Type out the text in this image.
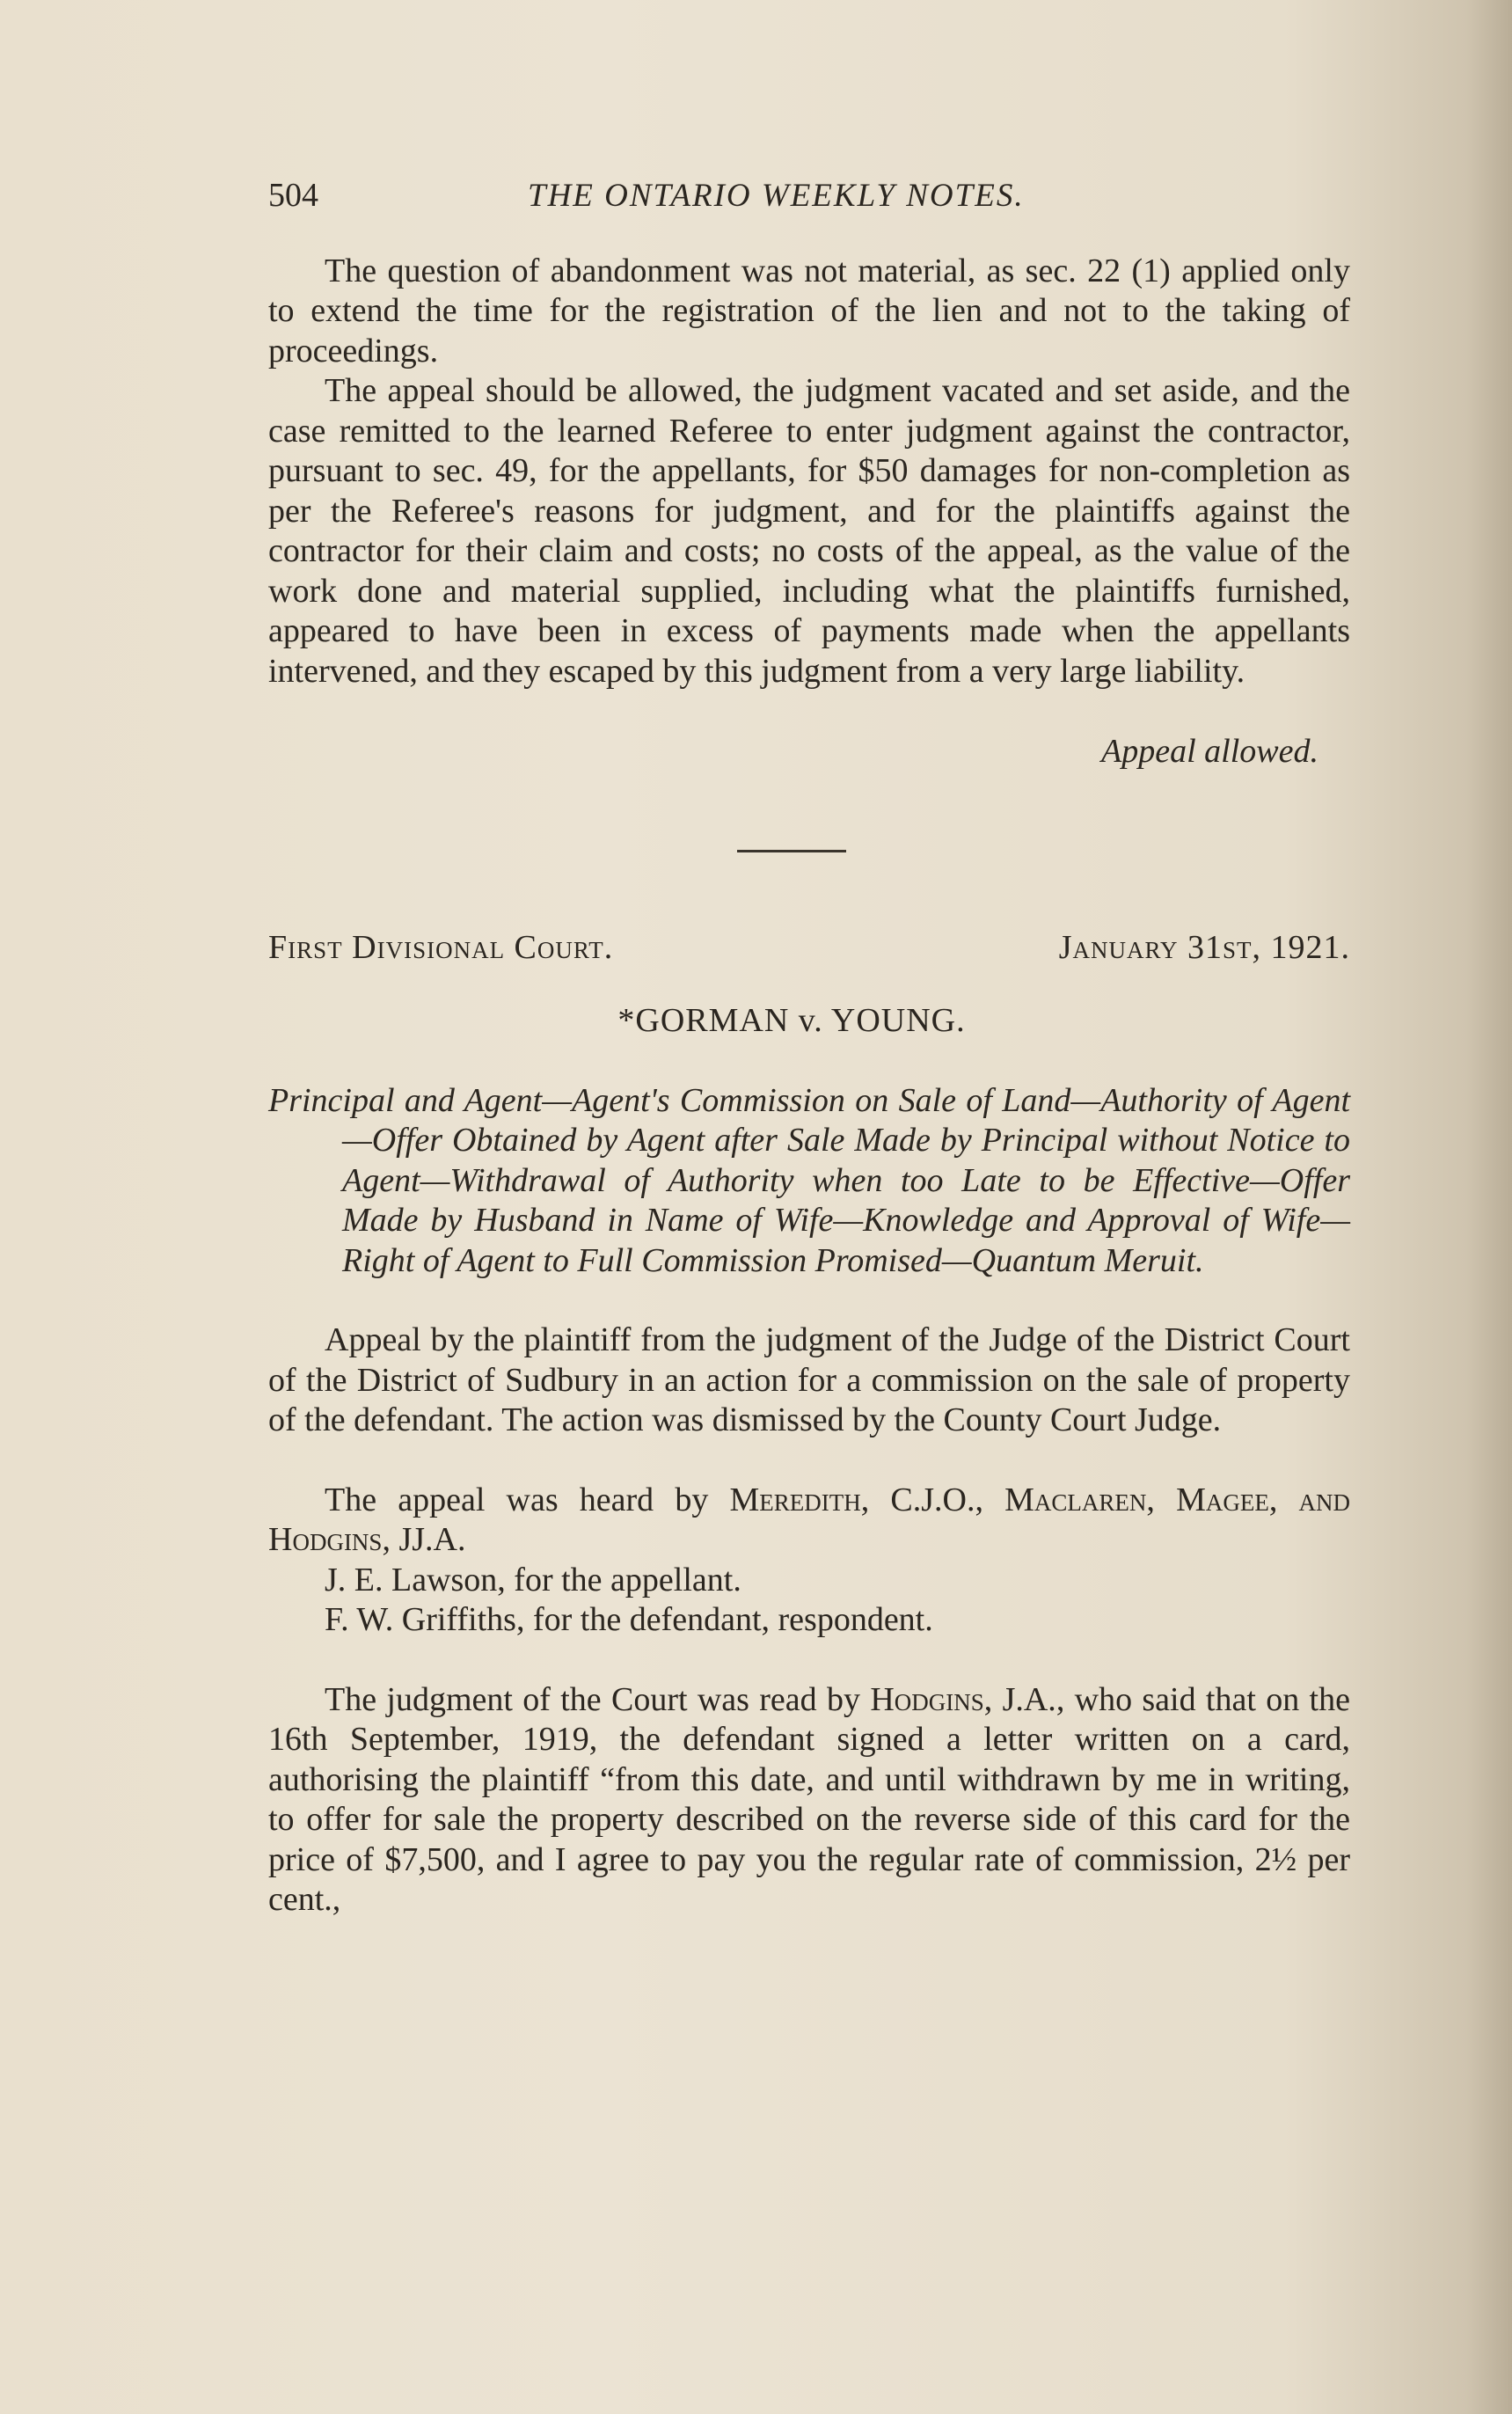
504	THE ONTARIO WEEKLY NOTES.

The question of abandonment was not material, as sec. 22 (1) applied only to extend the time for the registration of the lien and not to the taking of proceedings.

The appeal should be allowed, the judgment vacated and set aside, and the case remitted to the learned Referee to enter judgment against the contractor, pursuant to sec. 49, for the appellants, for $50 damages for non-completion as per the Referee's reasons for judgment, and for the plaintiffs against the contractor for their claim and costs; no costs of the appeal, as the value of the work done and material supplied, including what the plaintiffs furnished, appeared to have been in excess of payments made when the appellants intervened, and they escaped by this judgment from a very large liability.

Appeal allowed.

First Divisional Court.	January 31st, 1921.
*GORMAN v. YOUNG.

Principal and Agent—Agent's Commission on Sale of Land—Authority of Agent—Offer Obtained by Agent after Sale Made by Principal without Notice to Agent—Withdrawal of Authority when too Late to be Effective—Offer Made by Husband in Name of Wife—Knowledge and Approval of Wife—Right of Agent to Full Commission Promised—Quantum Meruit.

Appeal by the plaintiff from the judgment of the Judge of the District Court of the District of Sudbury in an action for a commission on the sale of property of the defendant. The action was dismissed by the County Court Judge.

The appeal was heard by Meredith, C.J.O., Maclaren, Magee, and Hodgins, JJ.A.

J. E. Lawson, for the appellant.

F. W. Griffiths, for the defendant, respondent.

The judgment of the Court was read by Hodgins, J.A., who said that on the 16th September, 1919, the defendant signed a letter written on a card, authorising the plaintiff “from this date, and until withdrawn by me in writing, to offer for sale the property described on the reverse side of this card for the price of $7,500, and I agree to pay you the regular rate of commission, 2½ per cent.,
